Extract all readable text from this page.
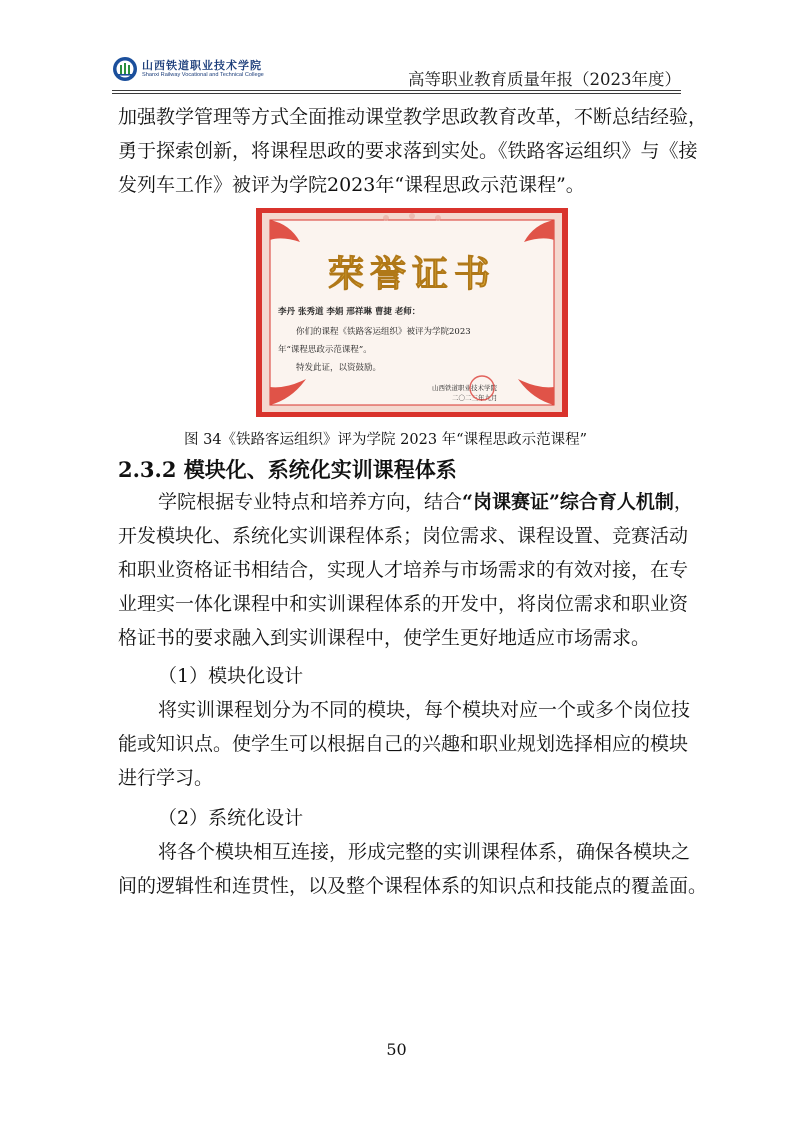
山西铁道职业技术学院
Shanxi Railway Vocational and Technical College	高等职业教育质量年报（2023年度）

加强教学管理等方式全面推动课堂教学思政教育改革，不断总结经验，
勇于探索创新，将课程思政的要求落到实处。《铁路客运组织》与《接
发列车工作》被评为学院2023年“课程思政示范课程”。

荣誉证书
李丹 张秀道 李娟 邢祥琳 曹捷 老师：
你们的课程《铁路客运组织》被评为学院2023
年“课程思政示范课程”。
特发此证，以资鼓励。
山西铁道职业技术学院
二〇二三年九月
图 34《铁路客运组织》评为学院 2023 年“课程思政示范课程”
2.3.2 模块化、系统化实训课程体系

学院根据专业特点和培养方向，结合“岗课赛证”综合育人机制，
开发模块化、系统化实训课程体系；岗位需求、课程设置、竞赛活动
和职业资格证书相结合，实现人才培养与市场需求的有效对接，在专
业理实一体化课程中和实训课程体系的开发中，将岗位需求和职业资
格证书的要求融入到实训课程中，使学生更好地适应市场需求。

（1）模块化设计
将实训课程划分为不同的模块，每个模块对应一个或多个岗位技
能或知识点。使学生可以根据自己的兴趣和职业规划选择相应的模块
进行学习。

（2）系统化设计
将各个模块相互连接，形成完整的实训课程体系，确保各模块之
间的逻辑性和连贯性，以及整个课程体系的知识点和技能点的覆盖面。

50
